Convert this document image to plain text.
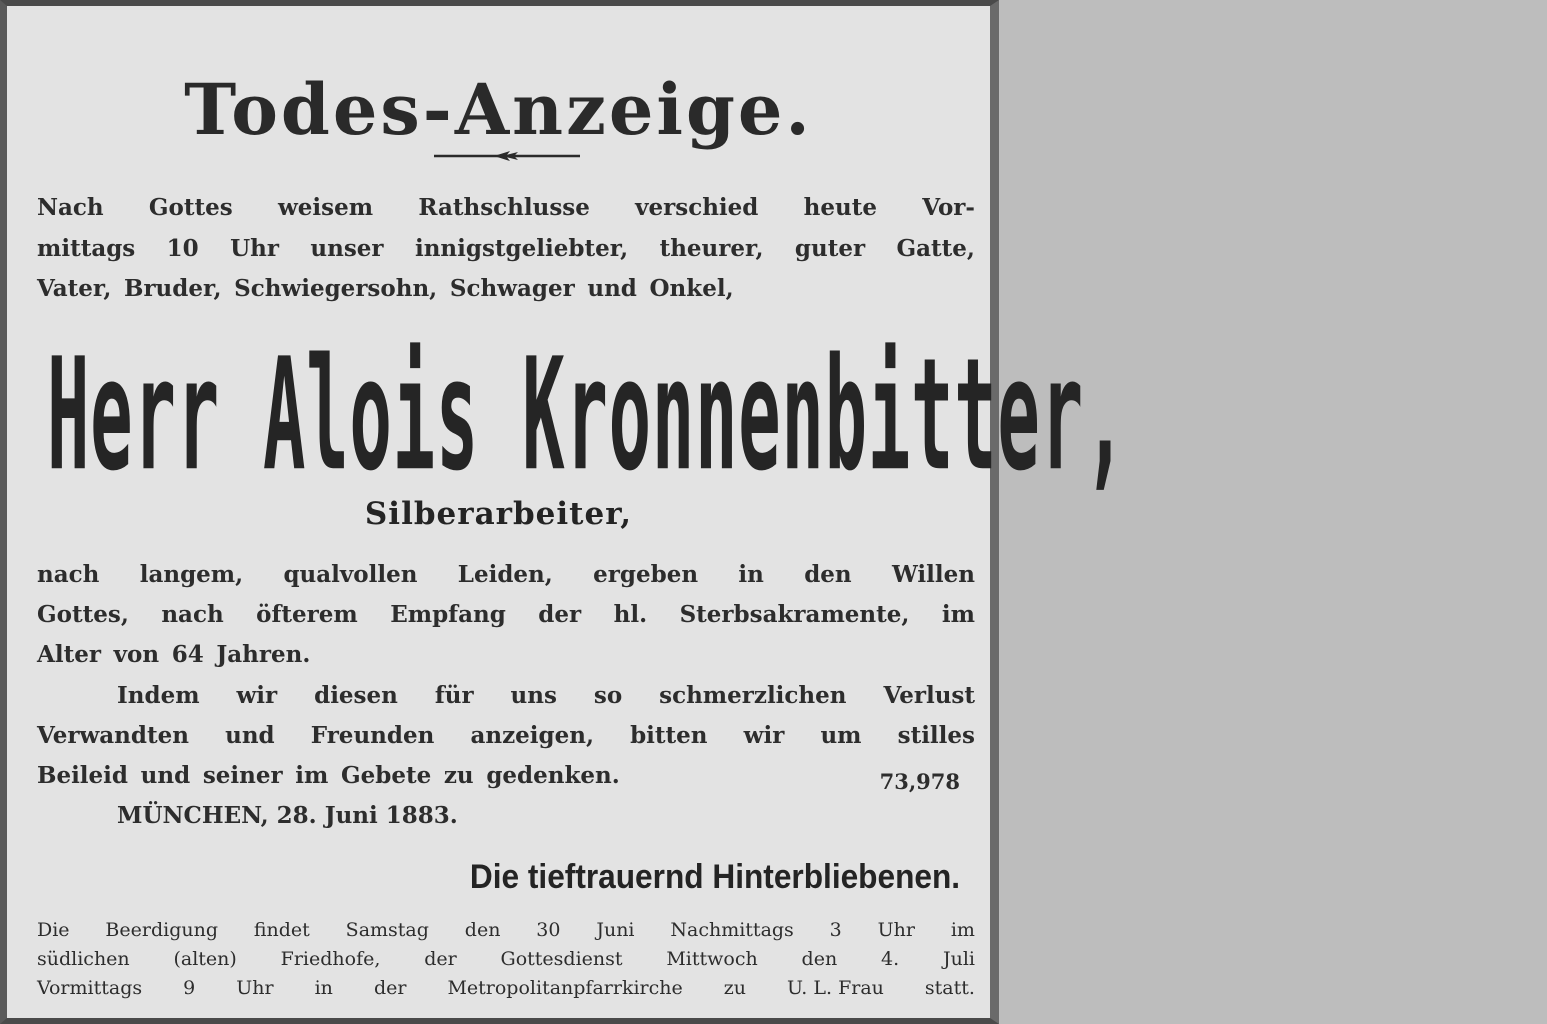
Todes-Anzeige.
Nach Gottes weisem Rathschlusse verschied heute Vor-
mittags 10 Uhr unser innigstgeliebter, theurer, guter Gatte,
Vater, Bruder, Schwiegersohn, Schwager und Onkel,
Herr Alois Kronnenbitter,
Silberarbeiter,
nach langem, qualvollen Leiden, ergeben in den Willen
Gottes, nach öfterem Empfang der hl. Sterbsakramente, im
Alter von 64 Jahren.
Indem wir diesen für uns so schmerzlichen Verlust
Verwandten und Freunden anzeigen, bitten wir um stilles
Beileid und seiner im Gebete zu gedenken.	73,978
MÜNCHEN, 28. Juni 1883.
Die tieftrauernd Hinterbliebenen.
Die Beerdigung findet Samstag den 30 Juni Nachmittags 3 Uhr im
südlichen (alten) Friedhofe, der Gottesdienst Mittwoch den 4. Juli
Vormittags 9 Uhr in der Metropolitanpfarrkirche zu U. L. Frau statt.
